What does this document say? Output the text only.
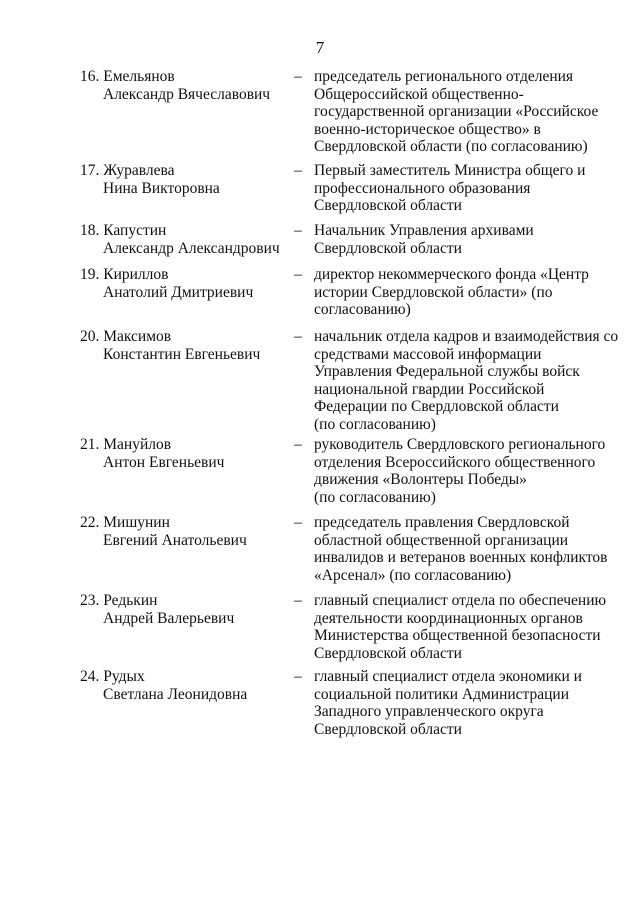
7
16. Емельянов
Александр Вячеславович
– председатель регионального отделения
Общероссийской общественно-
государственной организации «Российское
военно-историческое общество» в
Свердловской области (по согласованию)
17. Журавлева
Нина Викторовна
– Первый заместитель Министра общего и
профессионального образования
Свердловской области
18. Капустин
Александр Александрович
– Начальник Управления архивами
Свердловской области
19. Кириллов
Анатолий Дмитриевич
– директор некоммерческого фонда «Центр
истории Свердловской области» (по
согласованию)
20. Максимов
Константин Евгеньевич
– начальник отдела кадров и взаимодействия со
средствами массовой информации
Управления Федеральной службы войск
национальной гвардии Российской
Федерации по Свердловской области
(по согласованию)
21. Мануйлов
Антон Евгеньевич
– руководитель Свердловского регионального
отделения Всероссийского общественного
движения «Волонтеры Победы»
(по согласованию)
22. Мишунин
Евгений Анатольевич
– председатель правления Свердловской
областной общественной организации
инвалидов и ветеранов военных конфликтов
«Арсенал» (по согласованию)
23. Редькин
Андрей Валерьевич
– главный специалист отдела по обеспечению
деятельности координационных органов
Министерства общественной безопасности
Свердловской области
24. Рудых
Светлана Леонидовна
– главный специалист отдела экономики и
социальной политики Администрации
Западного управленческого округа
Свердловской области
